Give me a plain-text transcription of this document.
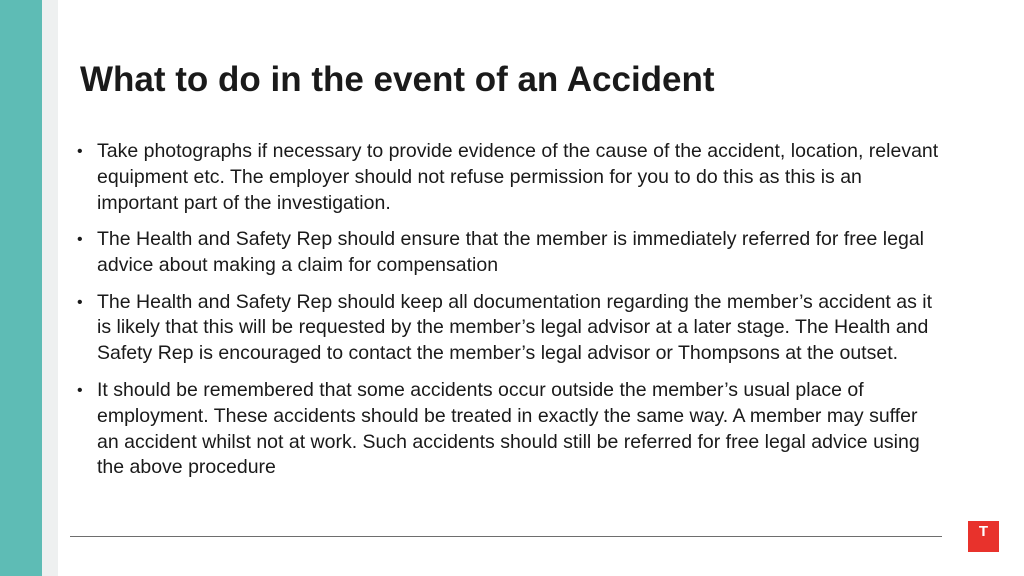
What to do in the event of an Accident
• Take photographs if necessary to provide evidence of the cause of the accident, location, relevant equipment etc. The employer should not refuse permission for you to do this as this is an important part of the investigation.
• The Health and Safety Rep should ensure that the member is immediately referred for free legal advice about making a claim for compensation
• The Health and Safety Rep should keep all documentation regarding the member’s accident as it is likely that this will be requested by the member’s legal advisor at a later stage. The Health and Safety Rep is encouraged to contact the member’s legal advisor or Thompsons at the outset.
• It should be remembered that some accidents occur outside the member’s usual place of employment. These accidents should be treated in exactly the same way. A member may suffer an accident whilst not at work. Such accidents should still be referred for free legal advice using the above procedure
T
